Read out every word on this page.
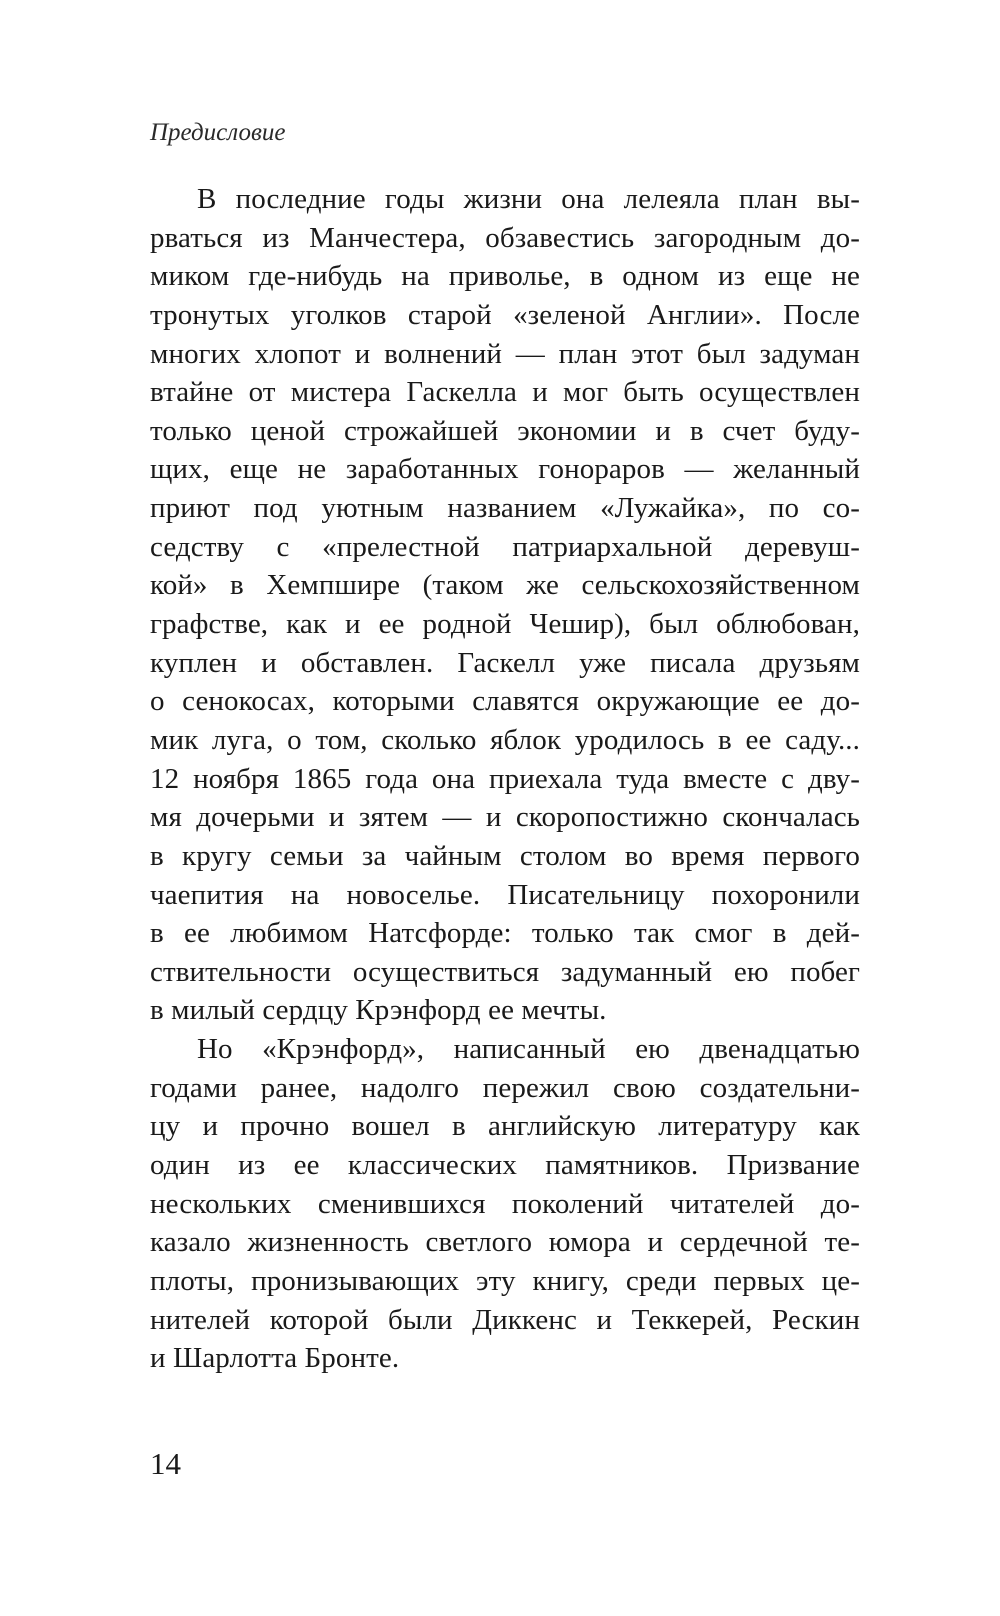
Предисловие
В последние годы жизни она лелеяла план вы-
рваться из Манчестера, обзавестись загородным до-
миком где-нибудь на приволье, в одном из еще не
тронутых уголков старой «зеленой Англии». После
многих хлопот и волнений — план этот был задуман
втайне от мистера Гаскелла и мог быть осуществлен
только ценой строжайшей экономии и в счет буду-
щих, еще не заработанных гонораров — желанный
приют под уютным названием «Лужайка», по со-
седству с «прелестной патриархальной деревуш-
кой» в Хемпшире (таком же сельскохозяйственном
графстве, как и ее родной Чешир), был облюбован,
куплен и обставлен. Гаскелл уже писала друзьям
о сенокосах, которыми славятся окружающие ее до-
мик луга, о том, сколько яблок уродилось в ее саду...
12 ноября 1865 года она приехала туда вместе с дву-
мя дочерьми и зятем — и скоропостижно скончалась
в кругу семьи за чайным столом во время первого
чаепития на новоселье. Писательницу похоронили
в ее любимом Натсфорде: только так смог в дей-
ствительности осуществиться задуманный ею побег
в милый сердцу Крэнфорд ее мечты.
Но «Крэнфорд», написанный ею двенадцатью
годами ранее, надолго пережил свою создательни-
цу и прочно вошел в английскую литературу как
один из ее классических памятников. Призвание
нескольких сменившихся поколений читателей до-
казало жизненность светлого юмора и сердечной те-
плоты, пронизывающих эту книгу, среди первых це-
нителей которой были Диккенс и Теккерей, Рескин
и Шарлотта Бронте.
14
